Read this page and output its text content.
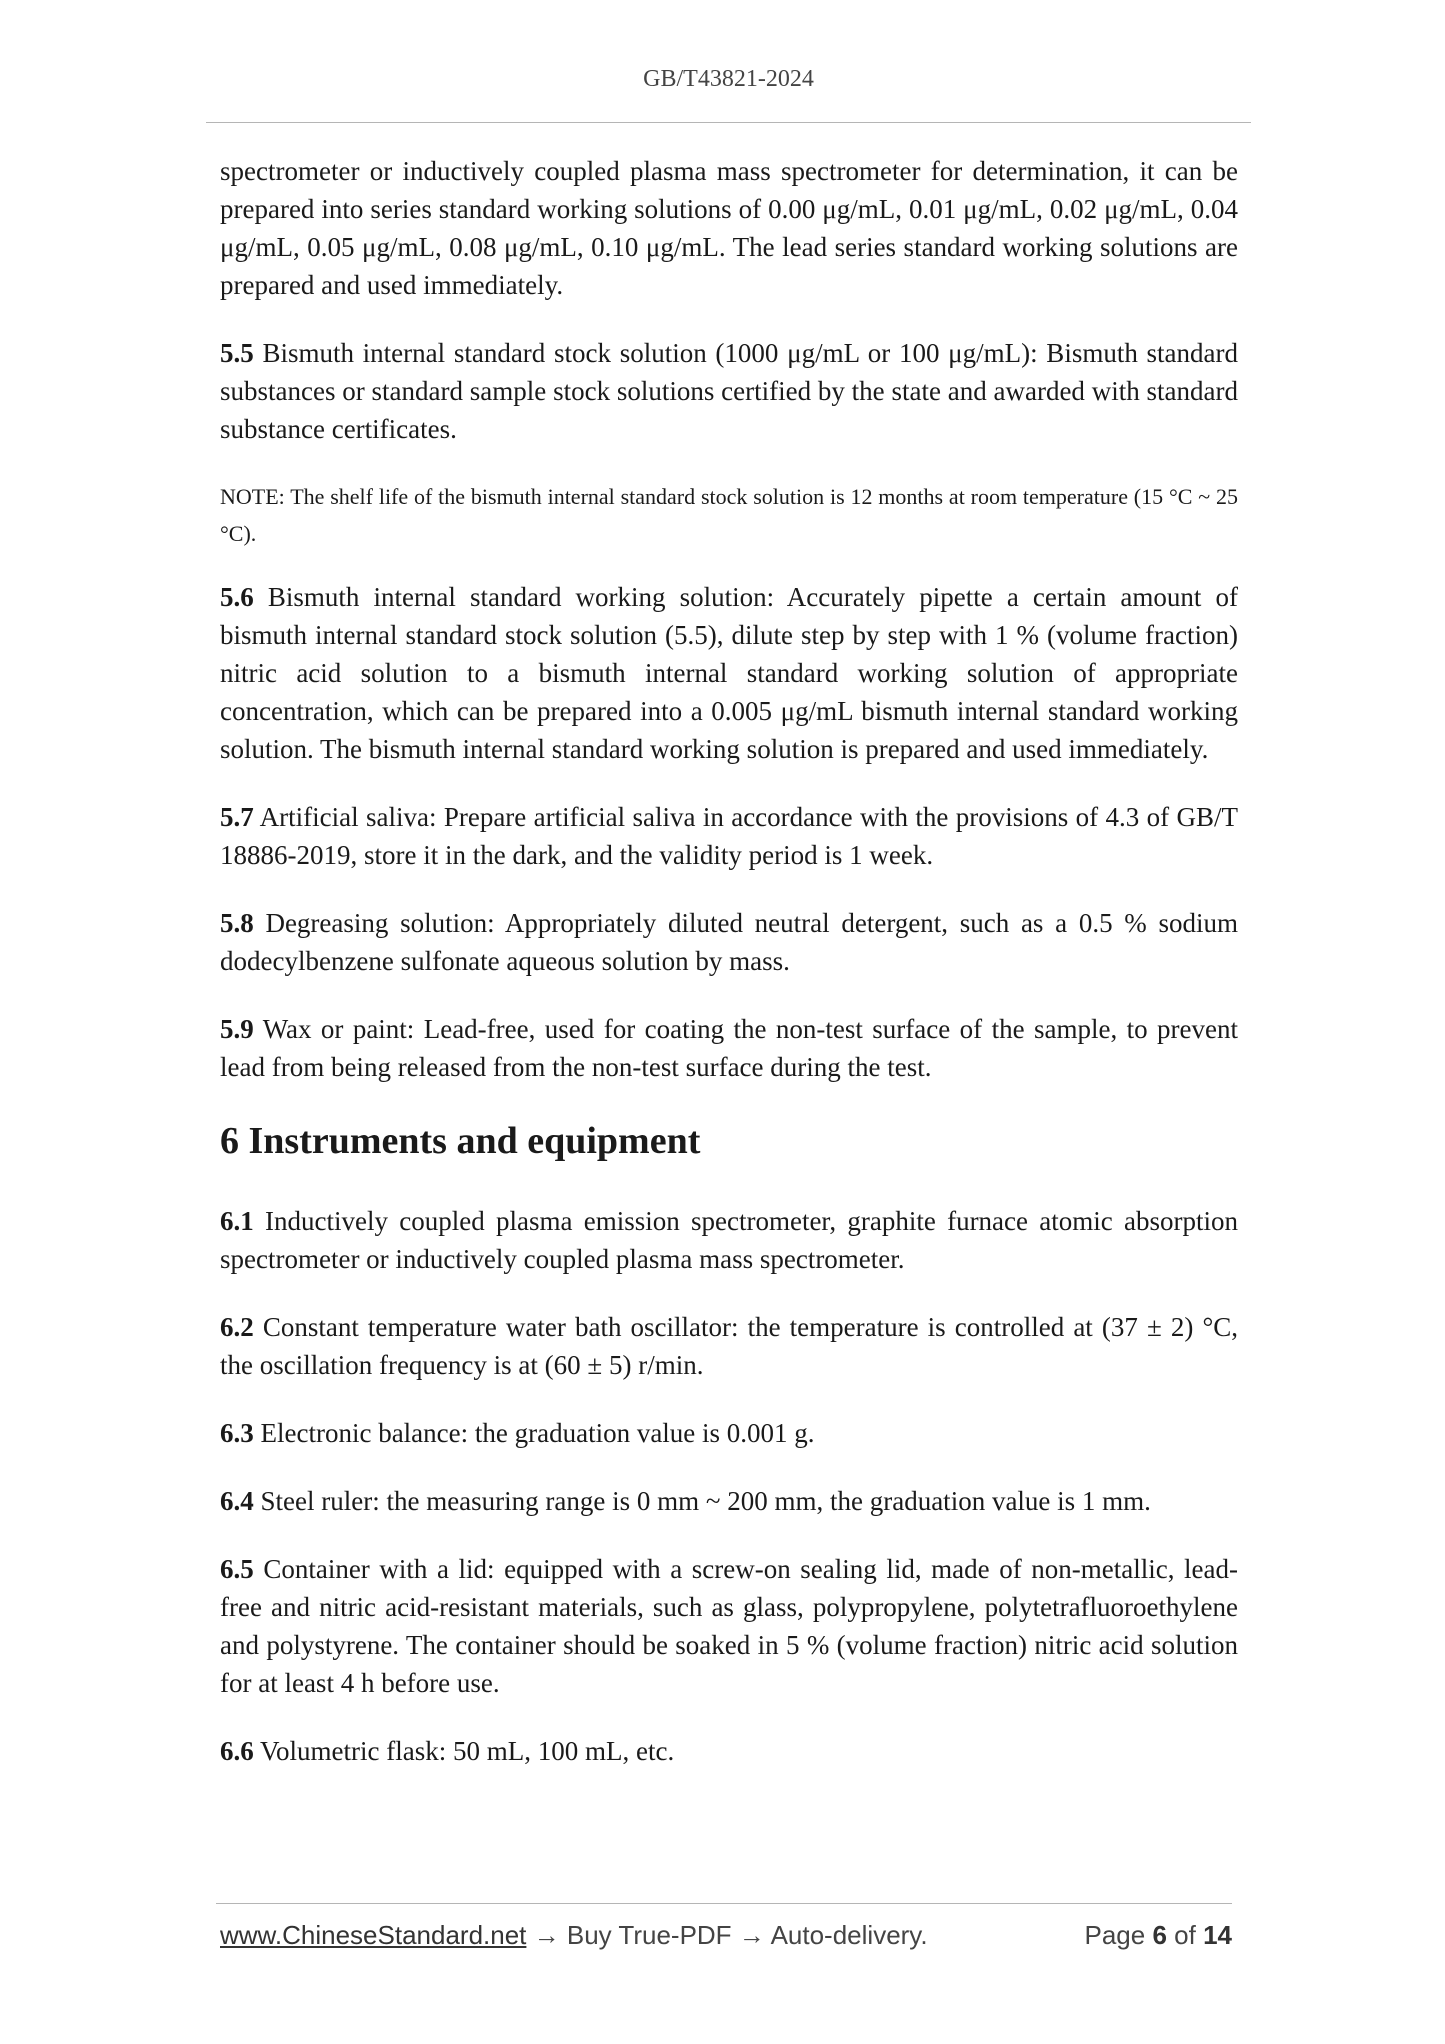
GB/T43821-2024

spectrometer or inductively coupled plasma mass spectrometer for determination, it can be prepared into series standard working solutions of 0.00 μg/mL, 0.01 μg/mL, 0.02 μg/mL, 0.04 μg/mL, 0.05 μg/mL, 0.08 μg/mL, 0.10 μg/mL. The lead series standard working solutions are prepared and used immediately.

5.5 Bismuth internal standard stock solution (1000 μg/mL or 100 μg/mL): Bismuth standard substances or standard sample stock solutions certified by the state and awarded with standard substance certificates.

NOTE: The shelf life of the bismuth internal standard stock solution is 12 months at room temperature (15 °C ~ 25 °C).

5.6 Bismuth internal standard working solution: Accurately pipette a certain amount of bismuth internal standard stock solution (5.5), dilute step by step with 1 % (volume fraction) nitric acid solution to a bismuth internal standard working solution of appropriate concentration, which can be prepared into a 0.005 μg/mL bismuth internal standard working solution. The bismuth internal standard working solution is prepared and used immediately.

5.7 Artificial saliva: Prepare artificial saliva in accordance with the provisions of 4.3 of GB/T 18886-2019, store it in the dark, and the validity period is 1 week.

5.8 Degreasing solution: Appropriately diluted neutral detergent, such as a 0.5 % sodium dodecylbenzene sulfonate aqueous solution by mass.

5.9 Wax or paint: Lead-free, used for coating the non-test surface of the sample, to prevent lead from being released from the non-test surface during the test.

6 Instruments and equipment

6.1 Inductively coupled plasma emission spectrometer, graphite furnace atomic absorption spectrometer or inductively coupled plasma mass spectrometer.

6.2 Constant temperature water bath oscillator: the temperature is controlled at (37 ± 2) °C, the oscillation frequency is at (60 ± 5) r/min.

6.3 Electronic balance: the graduation value is 0.001 g.

6.4 Steel ruler: the measuring range is 0 mm ~ 200 mm, the graduation value is 1 mm.

6.5 Container with a lid: equipped with a screw-on sealing lid, made of non-metallic, lead-free and nitric acid-resistant materials, such as glass, polypropylene, polytetrafluoroethylene and polystyrene. The container should be soaked in 5 % (volume fraction) nitric acid solution for at least 4 h before use.

6.6 Volumetric flask: 50 mL, 100 mL, etc.

www.ChineseStandard.net → Buy True-PDF → Auto-delivery.	Page 6 of 14
